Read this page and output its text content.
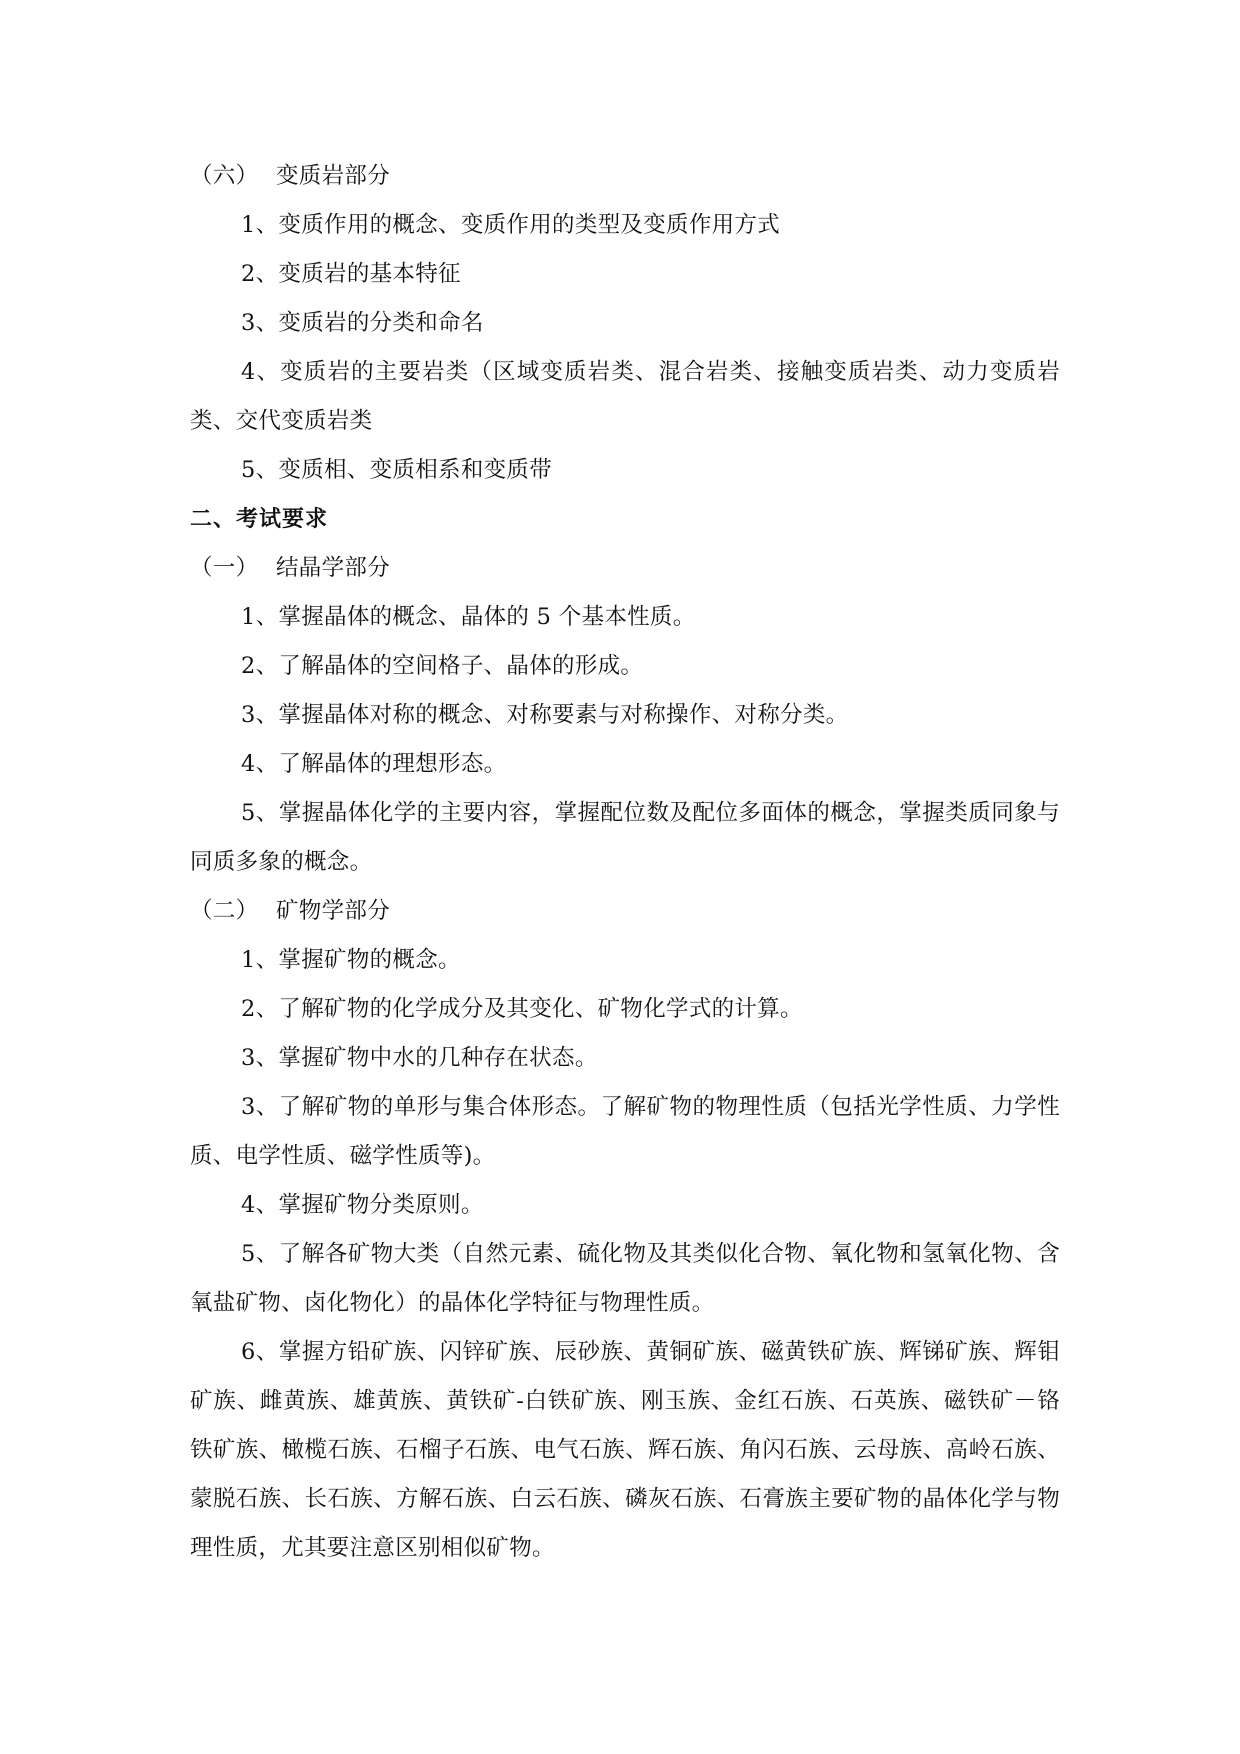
（六） 变质岩部分

1、变质作用的概念、变质作用的类型及变质作用方式

2、变质岩的基本特征

3、变质岩的分类和命名

4、变质岩的主要岩类（区域变质岩类、混合岩类、接触变质岩类、动力变质岩类、交代变质岩类

5、变质相、变质相系和变质带

二、考试要求

（一） 结晶学部分

1、掌握晶体的概念、晶体的 5 个基本性质。

2、了解晶体的空间格子、晶体的形成。

3、掌握晶体对称的概念、对称要素与对称操作、对称分类。

4、了解晶体的理想形态。

5、掌握晶体化学的主要内容，掌握配位数及配位多面体的概念，掌握类质同象与同质多象的概念。

（二） 矿物学部分

1、掌握矿物的概念。

2、了解矿物的化学成分及其变化、矿物化学式的计算。

3、掌握矿物中水的几种存在状态。

3、了解矿物的单形与集合体形态。了解矿物的物理性质（包括光学性质、力学性质、电学性质、磁学性质等)。

4、掌握矿物分类原则。

5、了解各矿物大类（自然元素、硫化物及其类似化合物、氧化物和氢氧化物、含氧盐矿物、卤化物化）的晶体化学特征与物理性质。

6、掌握方铅矿族、闪锌矿族、辰砂族、黄铜矿族、磁黄铁矿族、辉锑矿族、辉钼矿族、雌黄族、雄黄族、黄铁矿-白铁矿族、刚玉族、金红石族、石英族、磁铁矿－铬铁矿族、橄榄石族、石榴子石族、电气石族、辉石族、角闪石族、云母族、高岭石族、蒙脱石族、长石族、方解石族、白云石族、磷灰石族、石膏族主要矿物的晶体化学与物理性质，尤其要注意区别相似矿物。
